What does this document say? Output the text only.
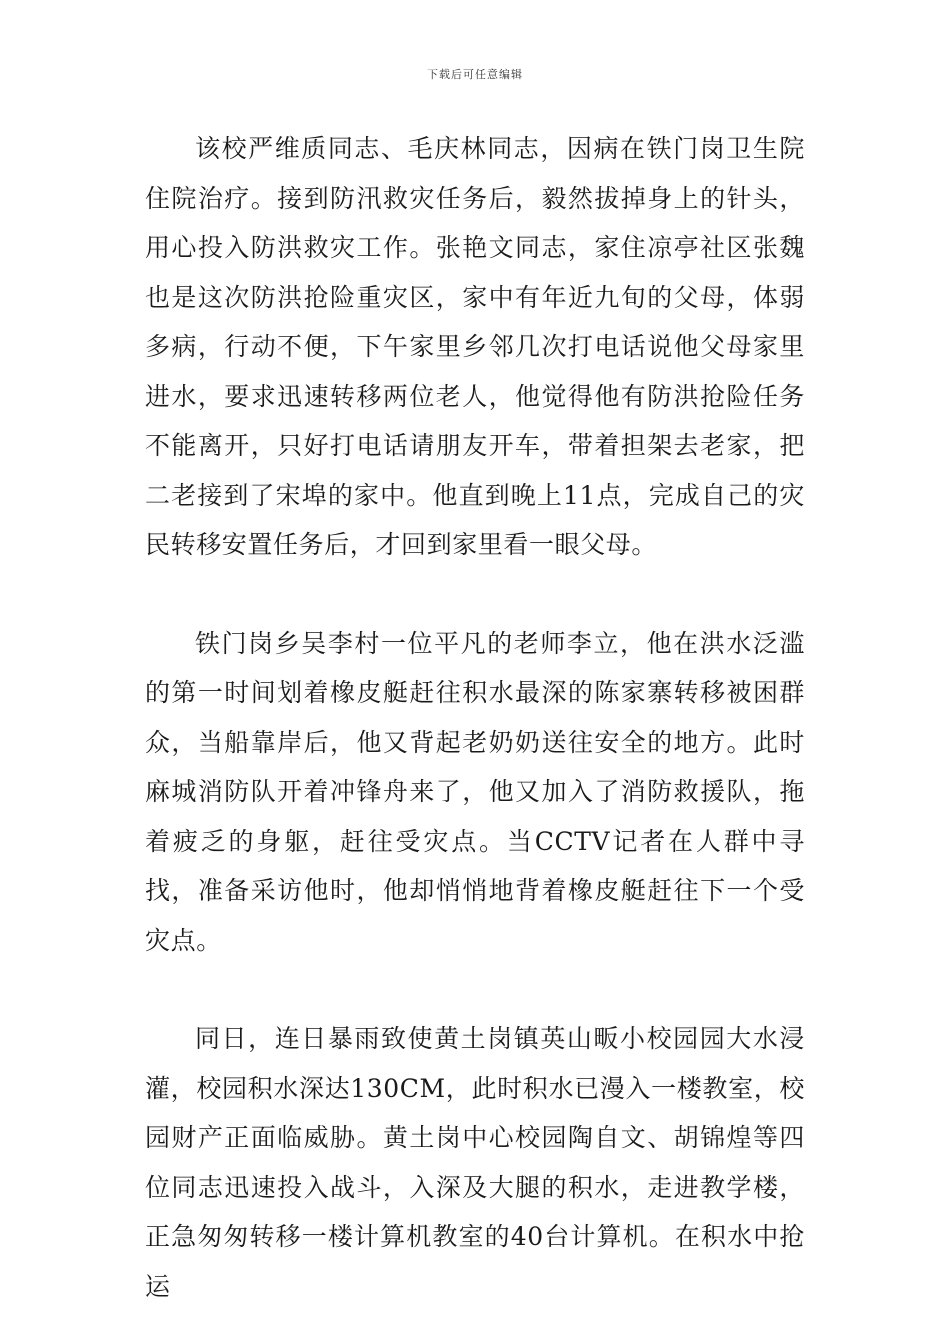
下载后可任意编辑

该校严维质同志、毛庆林同志，因病在铁门岗卫生院住院治疗。接到防汛救灾任务后，毅然拔掉身上的针头，用心投入防洪救灾工作。张艳文同志，家住凉亭社区张魏也是这次防洪抢险重灾区，家中有年近九旬的父母，体弱多病，行动不便，下午家里乡邻几次打电话说他父母家里进水，要求迅速转移两位老人，他觉得他有防洪抢险任务不能离开，只好打电话请朋友开车，带着担架去老家，把二老接到了宋埠的家中。他直到晚上11点，完成自己的灾民转移安置任务后，才回到家里看一眼父母。

铁门岗乡吴李村一位平凡的老师李立，他在洪水泛滥的第一时间划着橡皮艇赶往积水最深的陈家寨转移被困群众，当船靠岸后，他又背起老奶奶送往安全的地方。此时麻城消防队开着冲锋舟来了，他又加入了消防救援队，拖着疲乏的身躯，赶往受灾点。当CCTV记者在人群中寻找，准备采访他时，他却悄悄地背着橡皮艇赶往下一个受灾点。

同日，连日暴雨致使黄土岗镇英山畈小校园园大水浸灌，校园积水深达130CM，此时积水已漫入一楼教室，校园财产正面临威胁。黄土岗中心校园陶自文、胡锦煌等四位同志迅速投入战斗，入深及大腿的积水，走进教学楼，正急匆匆转移一楼计算机教室的40台计算机。在积水中抢运
